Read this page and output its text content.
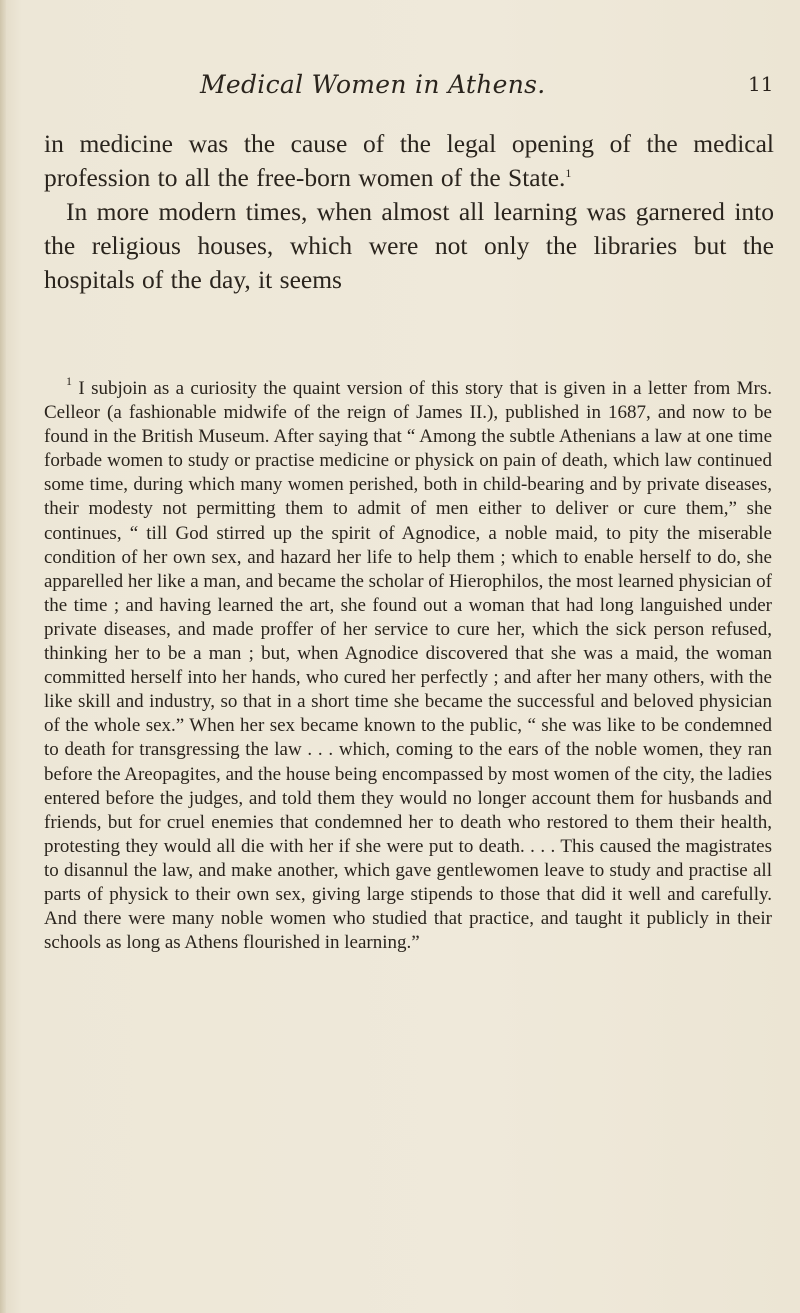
Medical Women in Athens.	11

in medicine was the cause of the legal opening of the medical profession to all the free-born women of the State.$^1$

In more modern times, when almost all learning was garnered into the religious houses, which were not only the libraries but the hospitals of the day, it seems

$^1$ I subjoin as a curiosity the quaint version of this story that is given in a letter from Mrs. Celleor (a fashionable midwife of the reign of James II.), published in 1687, and now to be found in the British Museum. After saying that “ Among the subtle Athenians a law at one time forbade women to study or practise medicine or physick on pain of death, which law continued some time, during which many women perished, both in child-bearing and by private diseases, their modesty not permitting them to admit of men either to deliver or cure them,” she continues, “ till God stirred up the spirit of Agnodice, a noble maid, to pity the miserable condition of her own sex, and hazard her life to help them ; which to enable herself to do, she apparelled her like a man, and became the scholar of Hierophilos, the most learned physician of the time ; and having learned the art, she found out a woman that had long languished under private diseases, and made proffer of her service to cure her, which the sick person refused, thinking her to be a man ; but, when Agnodice discovered that she was a maid, the woman committed herself into her hands, who cured her perfectly ; and after her many others, with the like skill and industry, so that in a short time she became the successful and beloved physician of the whole sex.” When her sex became known to the public, “ she was like to be condemned to death for transgressing the law . . . which, coming to the ears of the noble women, they ran before the Areopagites, and the house being encompassed by most women of the city, the ladies entered before the judges, and told them they would no longer account them for husbands and friends, but for cruel enemies that condemned her to death who restored to them their health, protesting they would all die with her if she were put to death. . . . This caused the magistrates to disannul the law, and make another, which gave gentlewomen leave to study and practise all parts of physick to their own sex, giving large stipends to those that did it well and carefully. And there were many noble women who studied that practice, and taught it publicly in their schools as long as Athens flourished in learning.”
